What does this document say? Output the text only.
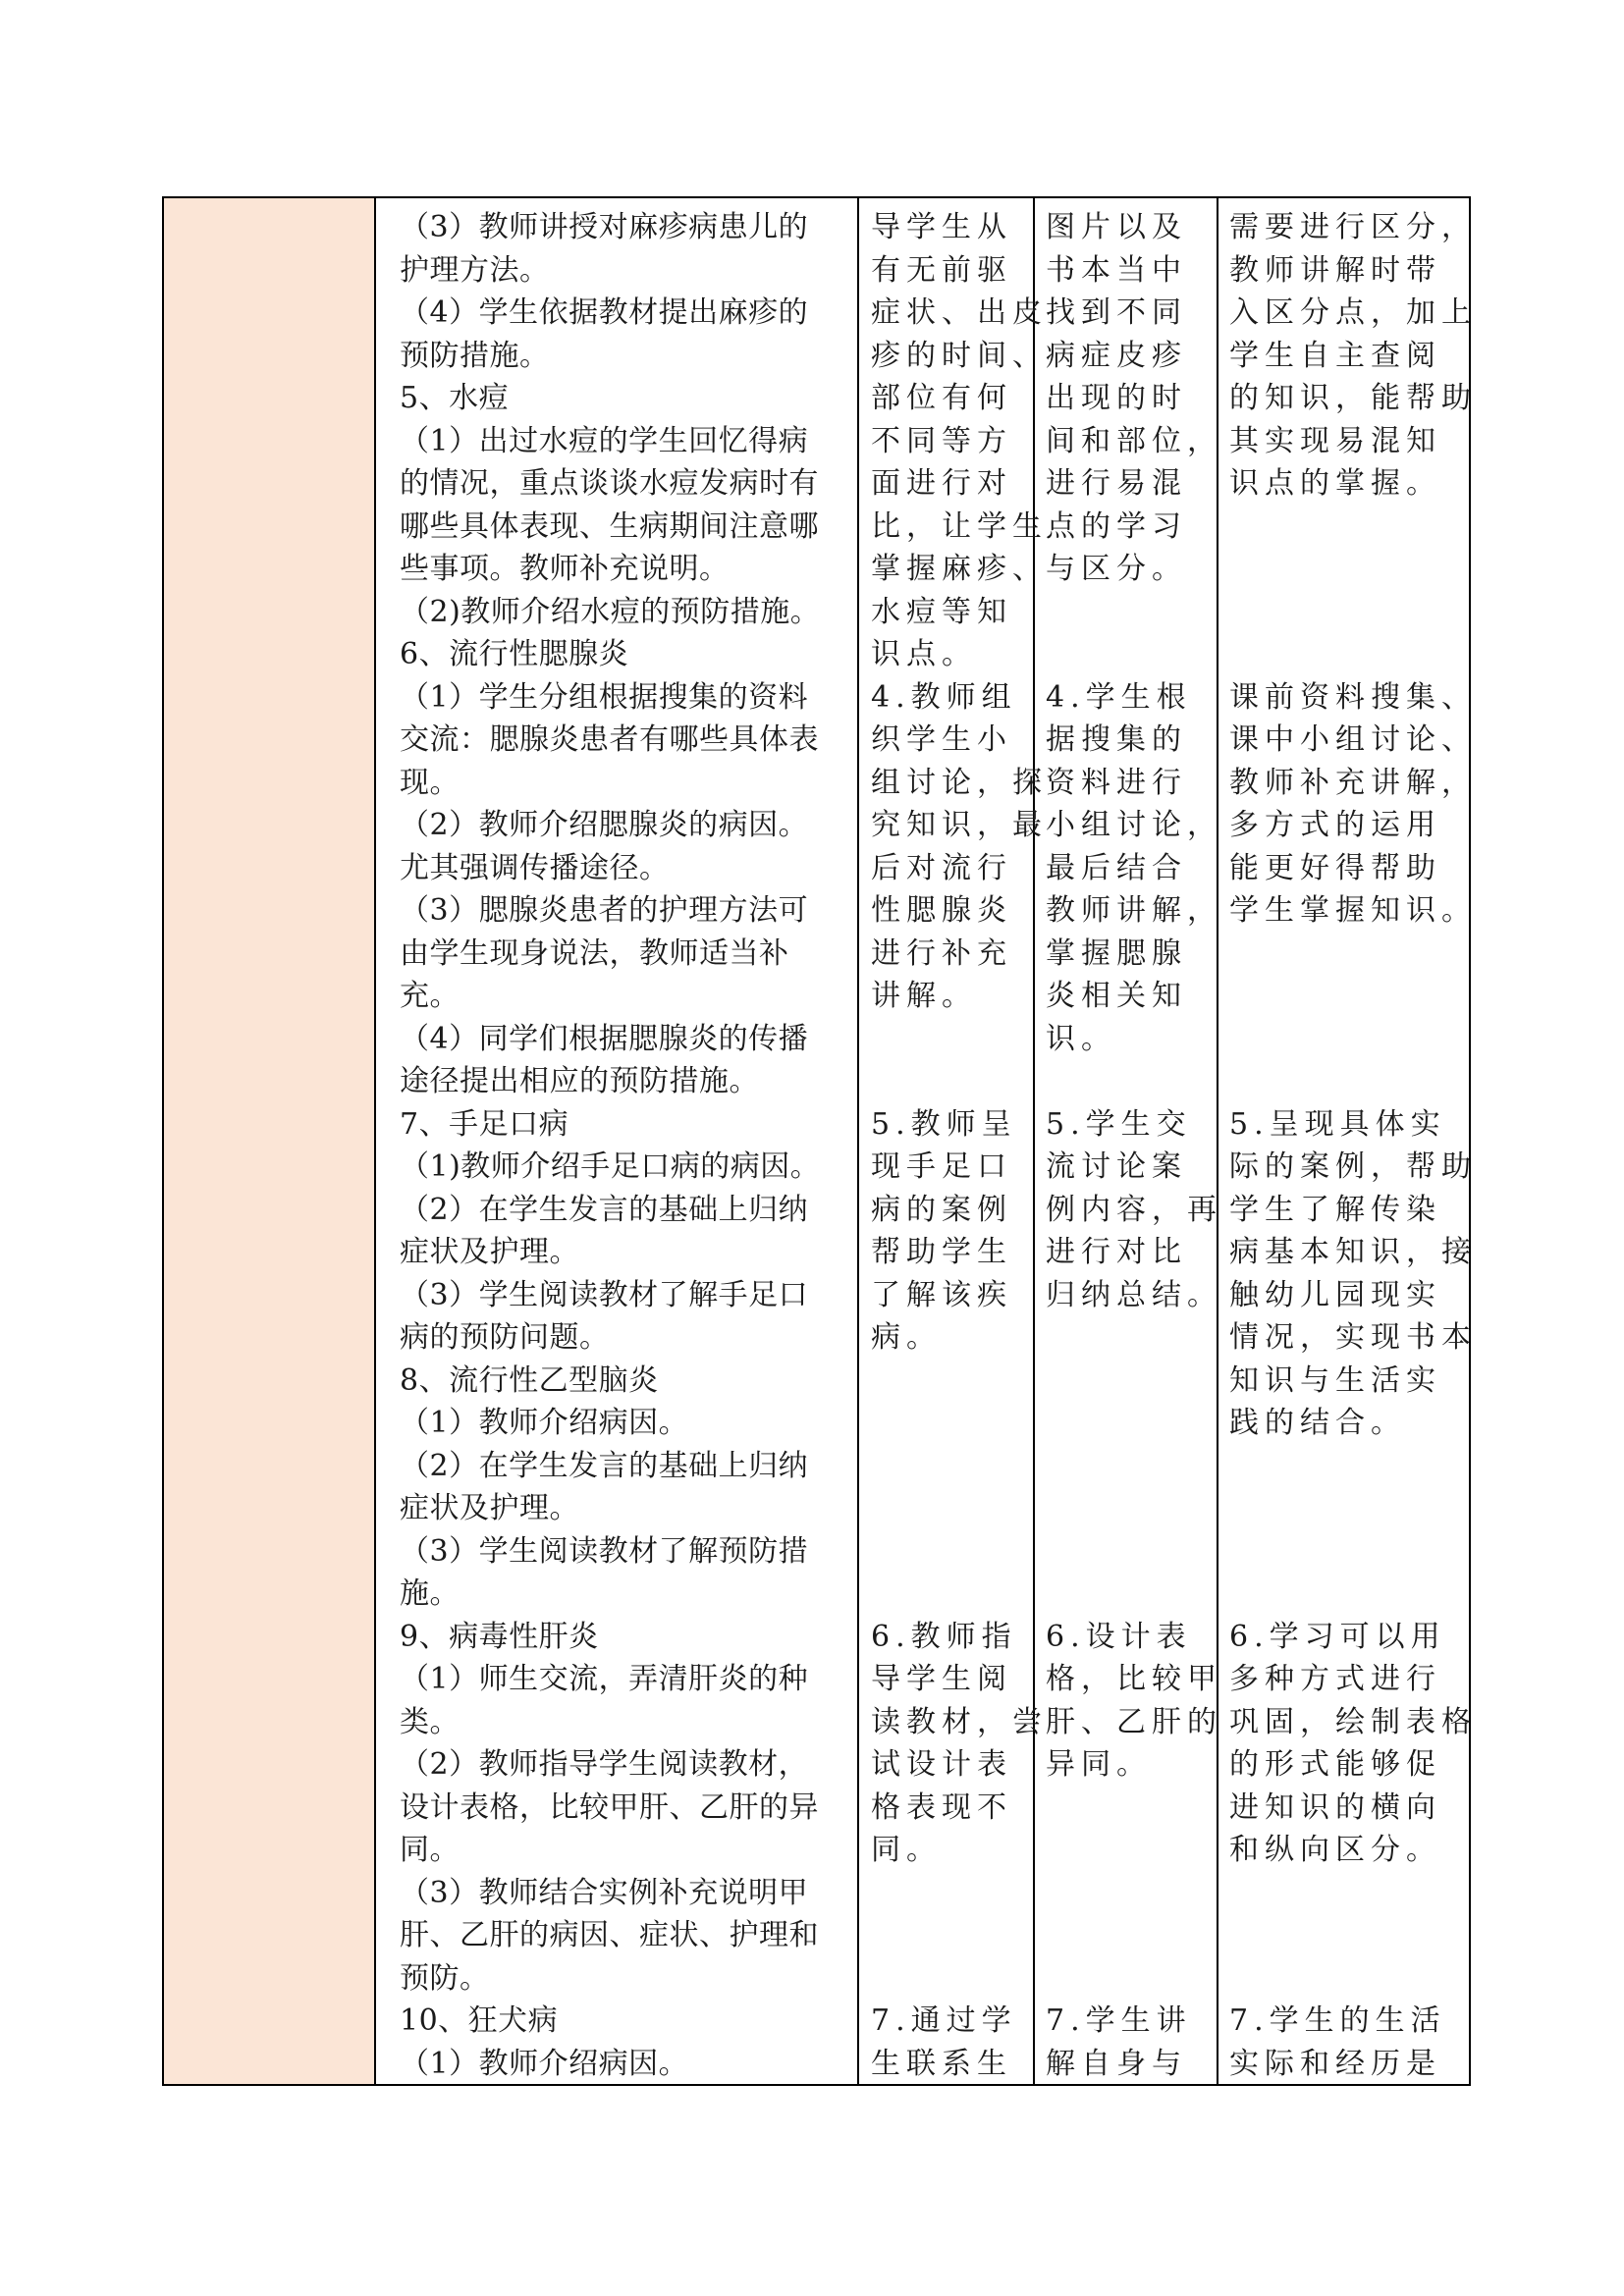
（3）教师讲授对麻疹病患儿的
护理方法。
（4）学生依据教材提出麻疹的
预防措施。
5、水痘
（1）出过水痘的学生回忆得病
的情况，重点谈谈水痘发病时有
哪些具体表现、生病期间注意哪
些事项。教师补充说明。
（2)教师介绍水痘的预防措施。
6、流行性腮腺炎
（1）学生分组根据搜集的资料
交流：腮腺炎患者有哪些具体表
现。
（2）教师介绍腮腺炎的病因。
尤其强调传播途径。
（3）腮腺炎患者的护理方法可
由学生现身说法，教师适当补
充。
（4）同学们根据腮腺炎的传播
途径提出相应的预防措施。
7、手足口病
（1)教师介绍手足口病的病因。
（2）在学生发言的基础上归纳
症状及护理。
（3）学生阅读教材了解手足口
病的预防问题。
8、流行性乙型脑炎
（1）教师介绍病因。
（2）在学生发言的基础上归纳
症状及护理。
（3）学生阅读教材了解预防措
施。
9、病毒性肝炎
（1）师生交流，弄清肝炎的种
类。
（2）教师指导学生阅读教材，
设计表格，比较甲肝、乙肝的异
同。
（3）教师结合实例补充说明甲
肝、乙肝的病因、症状、护理和
预防。
10、狂犬病
（1）教师介绍病因。
导学生从
有无前驱
症状、出皮
疹的时间、
部位有何
不同等方
面进行对
比，让学生
掌握麻疹、
水痘等知
识点。
4.教师组
织学生小
组讨论，探
究知识，最
后对流行
性腮腺炎
进行补充
讲解。
5.教师呈
现手足口
病的案例
帮助学生
了解该疾
病。
6.教师指
导学生阅
读教材，尝
试设计表
格表现不
同。
7.通过学
生联系生
图片以及
书本当中
找到不同
病症皮疹
出现的时
间和部位，
进行易混
点的学习
与区分。
4.学生根
据搜集的
资料进行
小组讨论，
最后结合
教师讲解，
掌握腮腺
炎相关知
识。
5.学生交
流讨论案
例内容，再
进行对比
归纳总结。
6.设计表
格，比较甲
肝、乙肝的
异同。
7.学生讲
解自身与
需要进行区分，
教师讲解时带
入区分点，加上
学生自主查阅
的知识，能帮助
其实现易混知
识点的掌握。
课前资料搜集、
课中小组讨论、
教师补充讲解，
多方式的运用
能更好得帮助
学生掌握知识。
5.呈现具体实
际的案例，帮助
学生了解传染
病基本知识，接
触幼儿园现实
情况，实现书本
知识与生活实
践的结合。
6.学习可以用
多种方式进行
巩固，绘制表格
的形式能够促
进知识的横向
和纵向区分。
7.学生的生活
实际和经历是
